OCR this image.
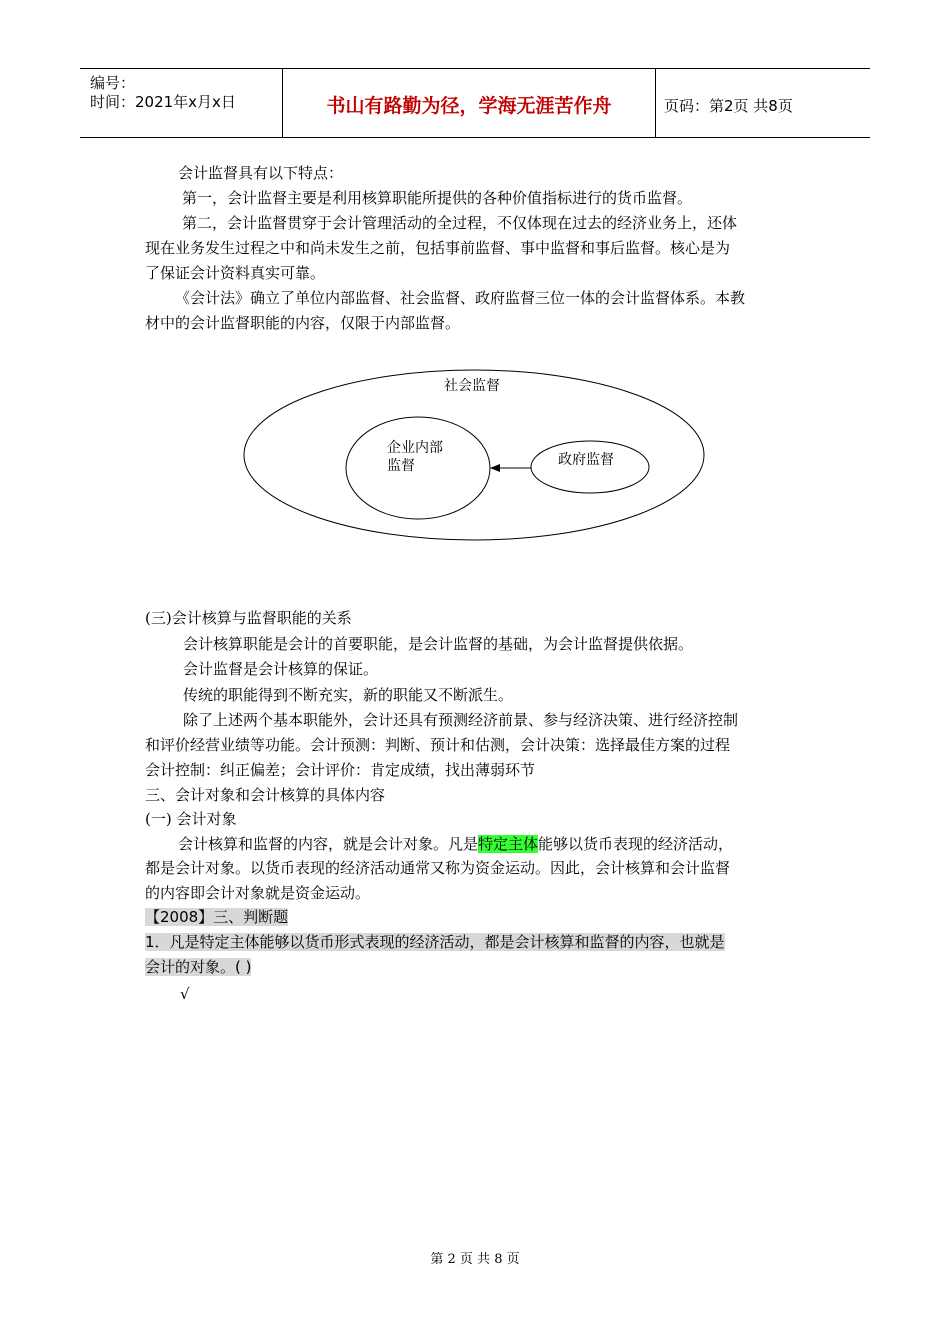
编号：
时间：2021年x月x日	书山有路勤为径，学海无涯苦作舟	页码：第2页 共8页
会计监督具有以下特点：
第一，会计监督主要是利用核算职能所提供的各种价值指标进行的货币监督。
第二，会计监督贯穿于会计管理活动的全过程，不仅体现在过去的经济业务上，还体
现在业务发生过程之中和尚未发生之前，包括事前监督、事中监督和事后监督。核心是为
了保证会计资料真实可靠。
《会计法》确立了单位内部监督、社会监督、政府监督三位一体的会计监督体系。本教
材中的会计监督职能的内容，仅限于内部监督。
社会监督
企业内部
监督	政府监督
(三)会计核算与监督职能的关系
会计核算职能是会计的首要职能，是会计监督的基础，为会计监督提供依据。
会计监督是会计核算的保证。
传统的职能得到不断充实，新的职能又不断派生。
除了上述两个基本职能外，会计还具有预测经济前景、参与经济决策、进行经济控制
和评价经营业绩等功能。会计预测：判断、预计和估测，会计决策：选择最佳方案的过程
会计控制：纠正偏差；会计评价：肯定成绩，找出薄弱环节
三、会计对象和会计核算的具体内容
(一) 会计对象
会计核算和监督的内容，就是会计对象。凡是特定主体能够以货币表现的经济活动，
都是会计对象。以货币表现的经济活动通常又称为资金运动。因此，会计核算和会计监督
的内容即会计对象就是资金运动。
【2008】三、判断题
1．凡是特定主体能够以货币形式表现的经济活动，都是会计核算和监督的内容，也就是
会计的对象。( )
√
第 2 页 共 8 页
